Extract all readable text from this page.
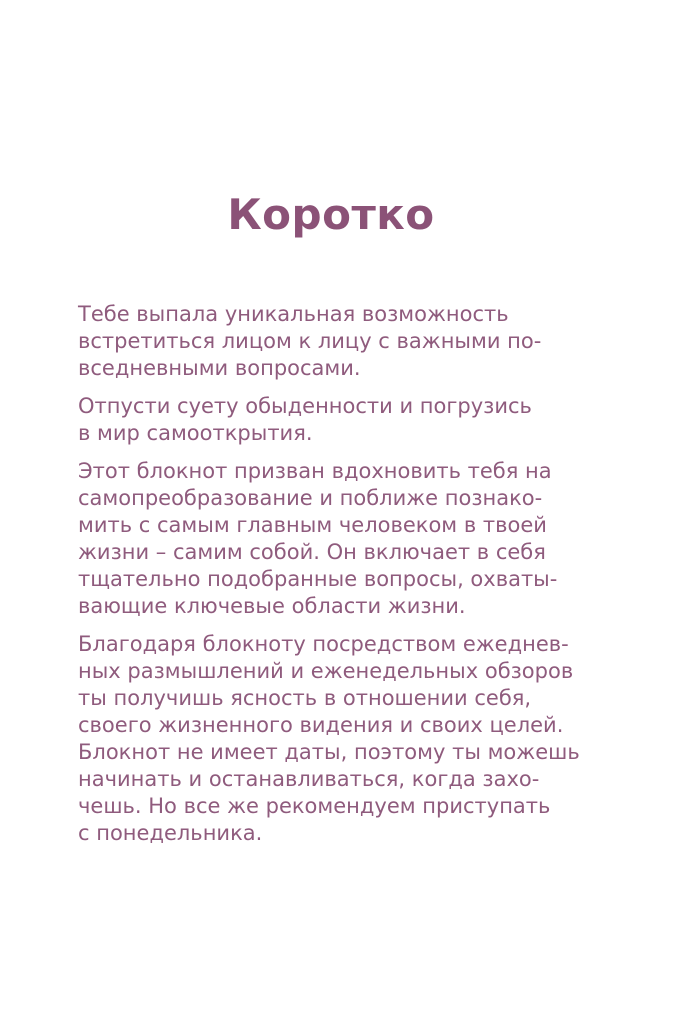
Коротко

Тебе выпала уникальная возможность
встретиться лицом к лицу с важными по-
вседневными вопросами.

Отпусти суету обыденности и погрузись
в мир самооткрытия.

Этот блокнот призван вдохновить тебя на
самопреобразование и поближе познако-
мить с самым главным человеком в твоей
жизни – самим собой. Он включает в себя
тщательно подобранные вопросы, охваты-
вающие ключевые области жизни.

Благодаря блокноту посредством ежеднев-
ных размышлений и еженедельных обзоров
ты получишь ясность в отношении себя,
своего жизненного видения и своих целей.
Блокнот не имеет даты, поэтому ты можешь
начинать и останавливаться, когда захо-
чешь. Но все же рекомендуем приступать
с понедельника.
